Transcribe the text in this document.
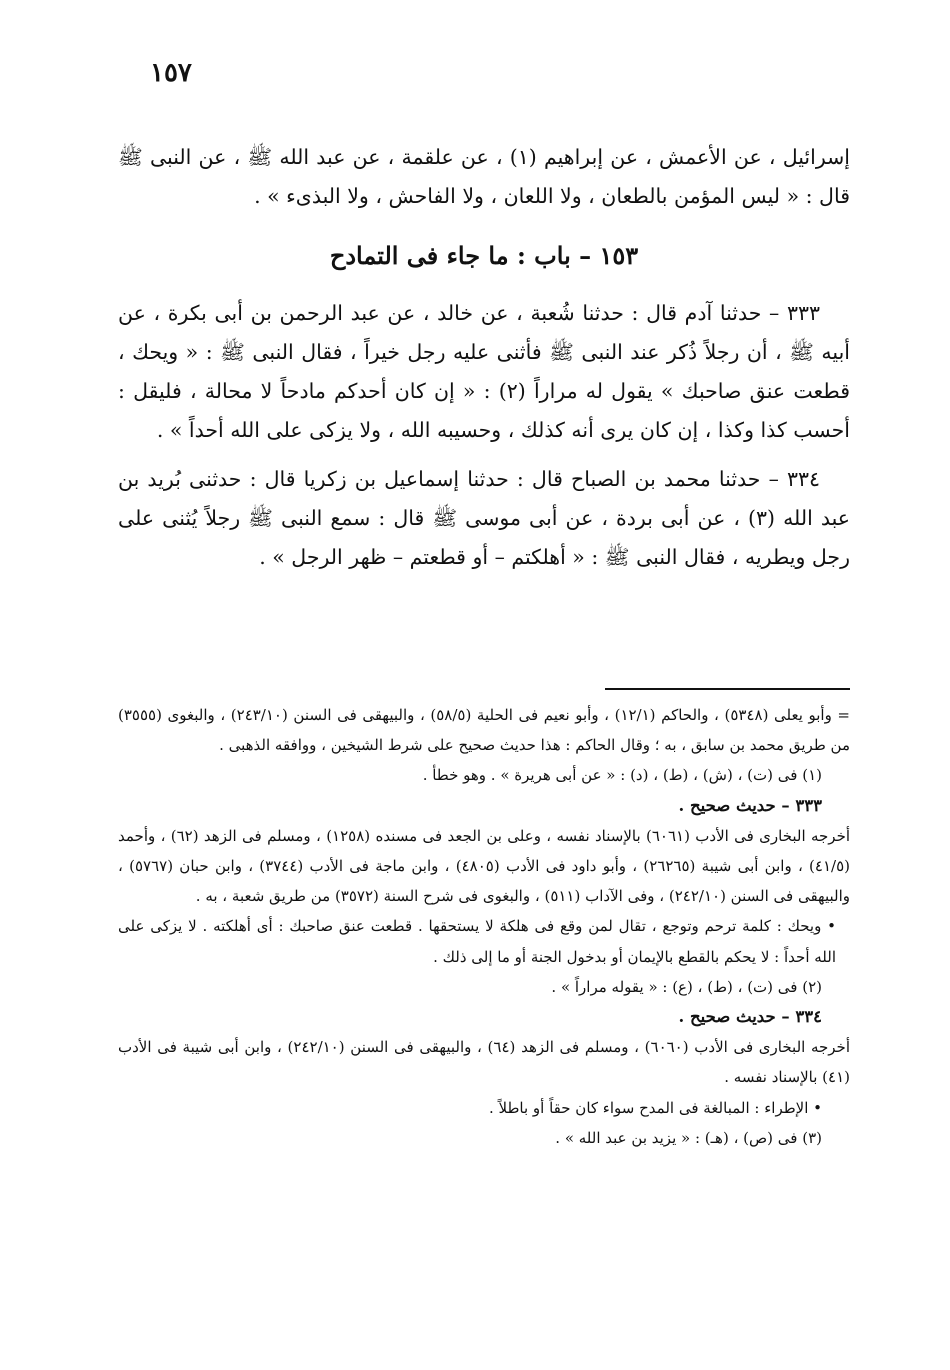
١٥٧

إسرائيل ، عن الأعمش ، عن إبراهيم (١) ، عن علقمة ، عن عبد الله ﷺ ، عن النبى ﷺ قال : « ليس المؤمن بالطعان ، ولا اللعان ، ولا الفاحش ، ولا البذىء » .

١٥٣ – باب : ما جاء فى التمادح

٣٣٣ – حدثنا آدم قال : حدثنا شُعبة ، عن خالد ، عن عبد الرحمن بن أبى بكرة ، عن أبيه ﷺ ، أن رجلاً ذُكر عند النبى ﷺ فأثنى عليه رجل خيراً ، فقال النبى ﷺ : « ويحك ، قطعت عنق صاحبك » يقول له مراراً (٢) : « إن كان أحدكم مادحاً لا محالة ، فليقل : أحسب كذا وكذا ، إن كان يرى أنه كذلك ، وحسيبه الله ، ولا يزكى على الله أحداً » .

٣٣٤ – حدثنا محمد بن الصباح قال : حدثنا إسماعيل بن زكريا قال : حدثنى بُريد بن عبد الله (٣) ، عن أبى بردة ، عن أبى موسى ﷺ قال : سمع النبى ﷺ رجلاً يُثنى على رجل ويطريه ، فقال النبى ﷺ : « أهلكتم – أو قطعتم – ظهر الرجل » .

= وأبو يعلى (٥٣٤٨) ، والحاكم (١٢/١) ، وأبو نعيم فى الحلية (٥٨/٥) ، والبيهقى فى السنن (٢٤٣/١٠) ، والبغوى (٣٥٥٥) من طريق محمد بن سابق ، به ؛ وقال الحاكم : هذا حديث صحيح على شرط الشيخين ، ووافقه الذهبى .

(١) فى (ت) ، (ش) ، (ط) ، (د) : « عن أبى هريرة » . وهو خطأ .

٣٣٣ – حديث صحيح .

أخرجه البخارى فى الأدب (٦٠٦١) بالإسناد نفسه ، وعلى بن الجعد فى مسنده (١٢٥٨) ، ومسلم فى الزهد (٦٢) ، وأحمد (٤١/٥) ، وابن أبى شيبة (٢٦٢٦٥) ، وأبو داود فى الأدب (٤٨٠٥) ، وابن ماجة فى الأدب (٣٧٤٤) ، وابن حبان (٥٧٦٧) ، والبيهقى فى السنن (٢٤٢/١٠) ، وفى الآداب (٥١١) ، والبغوى فى شرح السنة (٣٥٧٢) من طريق شعبة ، به .

• ويحك : كلمة ترحم وتوجع ، تقال لمن وقع فى هلكة لا يستحقها . قطعت عنق صاحبك : أى أهلكته . لا يزكى على الله أحداً : لا يحكم بالقطع بالإيمان أو بدخول الجنة أو ما إلى ذلك .

(٢) فى (ت) ، (ط) ، (ع) : « يقوله مراراً » .

٣٣٤ – حديث صحيح .

أخرجه البخارى فى الأدب (٦٠٦٠) ، ومسلم فى الزهد (٦٤) ، والبيهقى فى السنن (٢٤٢/١٠) ، وابن أبى شيبة فى الأدب (٤١) بالإسناد نفسه .

• الإطراء : المبالغة فى المدح سواء كان حقاً أو باطلاً .

(٣) فى (ص) ، (هـ) : « يزيد بن عبد الله » .
